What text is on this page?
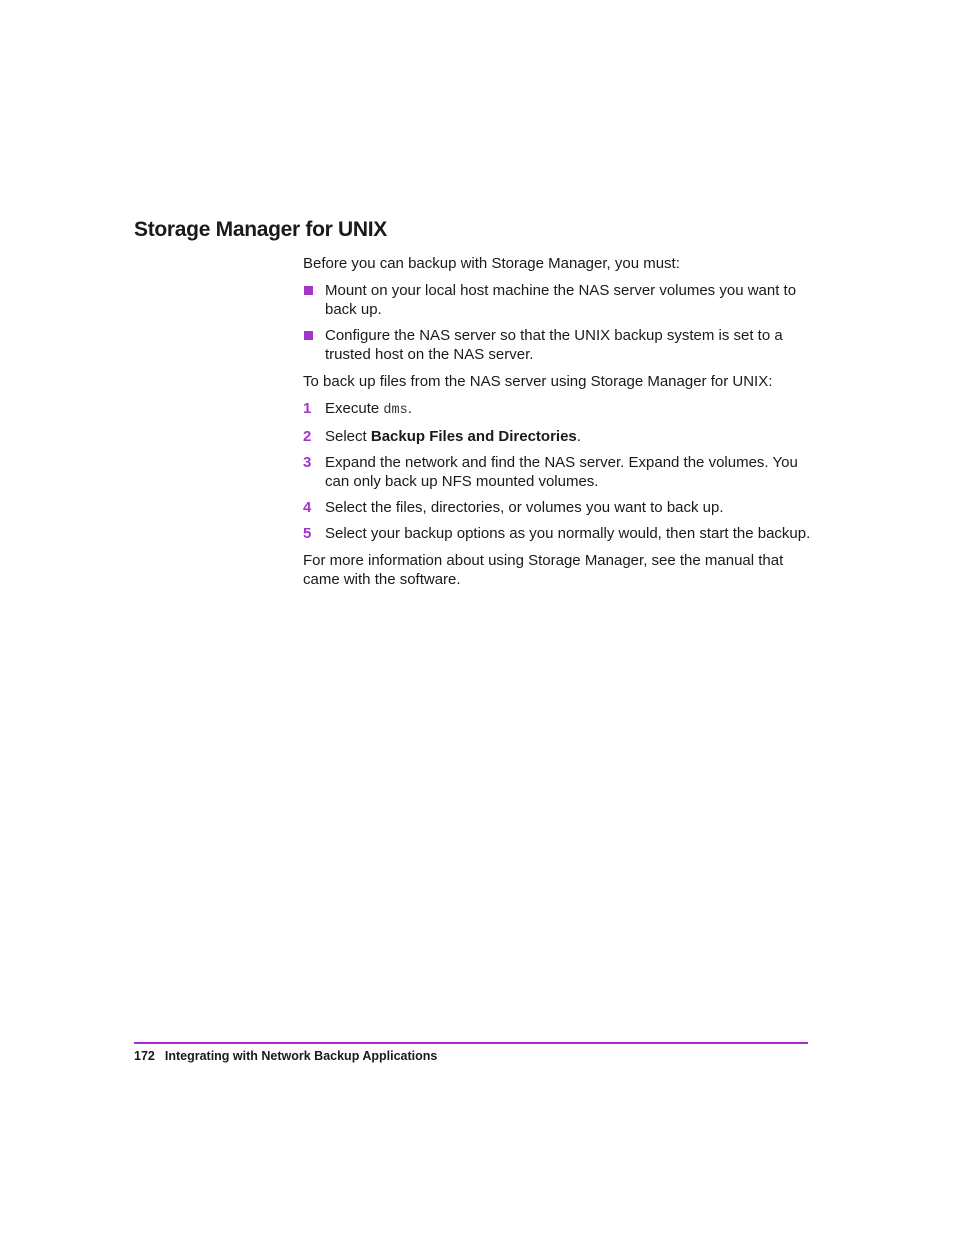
Storage Manager for UNIX

Before you can backup with Storage Manager, you must:

Mount on your local host machine the NAS server volumes you want to back up.
Configure the NAS server so that the UNIX backup system is set to a trusted host on the NAS server.

To back up files from the NAS server using Storage Manager for UNIX:

1 Execute dms.
2 Select Backup Files and Directories.
3 Expand the network and find the NAS server. Expand the volumes. You can only back up NFS mounted volumes.
4 Select the files, directories, or volumes you want to back up.
5 Select your backup options as you normally would, then start the backup.

For more information about using Storage Manager, see the manual that came with the software.

172 Integrating with Network Backup Applications
